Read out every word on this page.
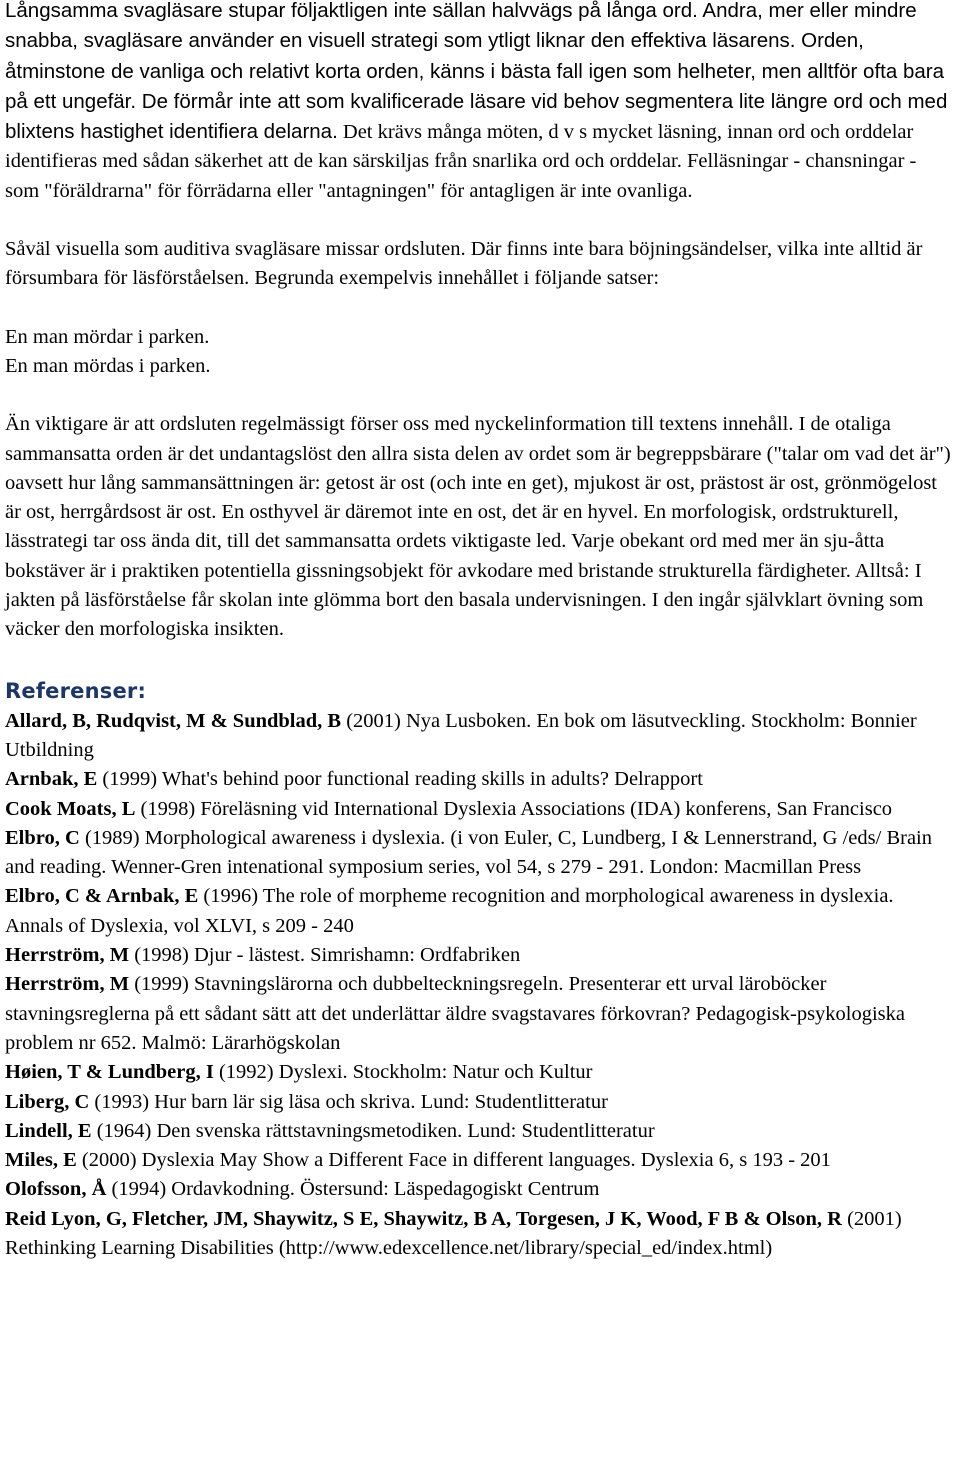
Långsamma svagläsare stupar följaktligen inte sällan halvvägs på långa ord. Andra, mer eller mindre snabba, svagläsare använder en visuell strategi som ytligt liknar den effektiva läsarens. Orden, åtminstone de vanliga och relativt korta orden, känns i bästa fall igen som helheter, men alltför ofta bara på ett ungefär. De förmår inte att som kvalificerade läsare vid behov segmentera lite längre ord och med blixtens hastighet identifiera delarna. Det krävs många möten, d v s mycket läsning, innan ord och orddelar identifieras med sådan säkerhet att de kan särskiljas från snarlika ord och orddelar. Felläsningar - chansningar - som "föräldrarna" för förrädarna eller "antagningen" för antagligen är inte ovanliga.

Såväl visuella som auditiva svagläsare missar ordsluten. Där finns inte bara böjningsändelser, vilka inte alltid är försumbara för läsförståelsen. Begrunda exempelvis innehållet i följande satser:

En man mördar i parken.

En man mördas i parken.

Än viktigare är att ordsluten regelmässigt förser oss med nyckelinformation till textens innehåll. I de otaliga sammansatta orden är det undantagslöst den allra sista delen av ordet som är begreppsbärare ("talar om vad det är") oavsett hur lång sammansättningen är: getost är ost (och inte en get), mjukost är ost, prästost är ost, grönmögelost är ost, herrgårdsost är ost. En osthyvel är däremot inte en ost, det är en hyvel. En morfologisk, ordstrukturell, lässtrategi tar oss ända dit, till det sammansatta ordets viktigaste led. Varje obekant ord med mer än sju-åtta bokstäver är i praktiken potentiella gissningsobjekt för avkodare med bristande strukturella färdigheter. Alltså: I jakten på läsförståelse får skolan inte glömma bort den basala undervisningen. I den ingår självklart övning som väcker den morfologiska insikten.

Referenser:

Allard, B, Rudqvist, M & Sundblad, B (2001) Nya Lusboken. En bok om läsutveckling. Stockholm: Bonnier Utbildning

Arnbak, E (1999) What's behind poor functional reading skills in adults? Delrapport

Cook Moats, L (1998) Föreläsning vid International Dyslexia Associations (IDA) konferens, San Francisco

Elbro, C (1989) Morphological awareness i dyslexia. (i von Euler, C, Lundberg, I & Lennerstrand, G /eds/ Brain and reading. Wenner-Gren intenational symposium series, vol 54, s 279 - 291. London: Macmillan Press

Elbro, C & Arnbak, E (1996) The role of morpheme recognition and morphological awareness in dyslexia. Annals of Dyslexia, vol XLVI, s 209 - 240

Herrström, M (1998) Djur - lästest. Simrishamn: Ordfabriken

Herrström, M (1999) Stavningslärorna och dubbelteckningsregeln. Presenterar ett urval läroböcker stavningsreglerna på ett sådant sätt att det underlättar äldre svagstavares förkovran? Pedagogisk-psykologiska problem nr 652. Malmö: Lärarhögskolan

Høien, T & Lundberg, I (1992) Dyslexi. Stockholm: Natur och Kultur

Liberg, C (1993) Hur barn lär sig läsa och skriva. Lund: Studentlitteratur

Lindell, E (1964) Den svenska rättstavningsmetodiken. Lund: Studentlitteratur

Miles, E (2000) Dyslexia May Show a Different Face in different languages. Dyslexia 6, s 193 - 201

Olofsson, Å (1994) Ordavkodning. Östersund: Läspedagogiskt Centrum

Reid Lyon, G, Fletcher, JM, Shaywitz, S E, Shaywitz, B A, Torgesen, J K, Wood, F B & Olson, R (2001) Rethinking Learning Disabilities (http://www.edexcellence.net/library/special_ed/index.html)
